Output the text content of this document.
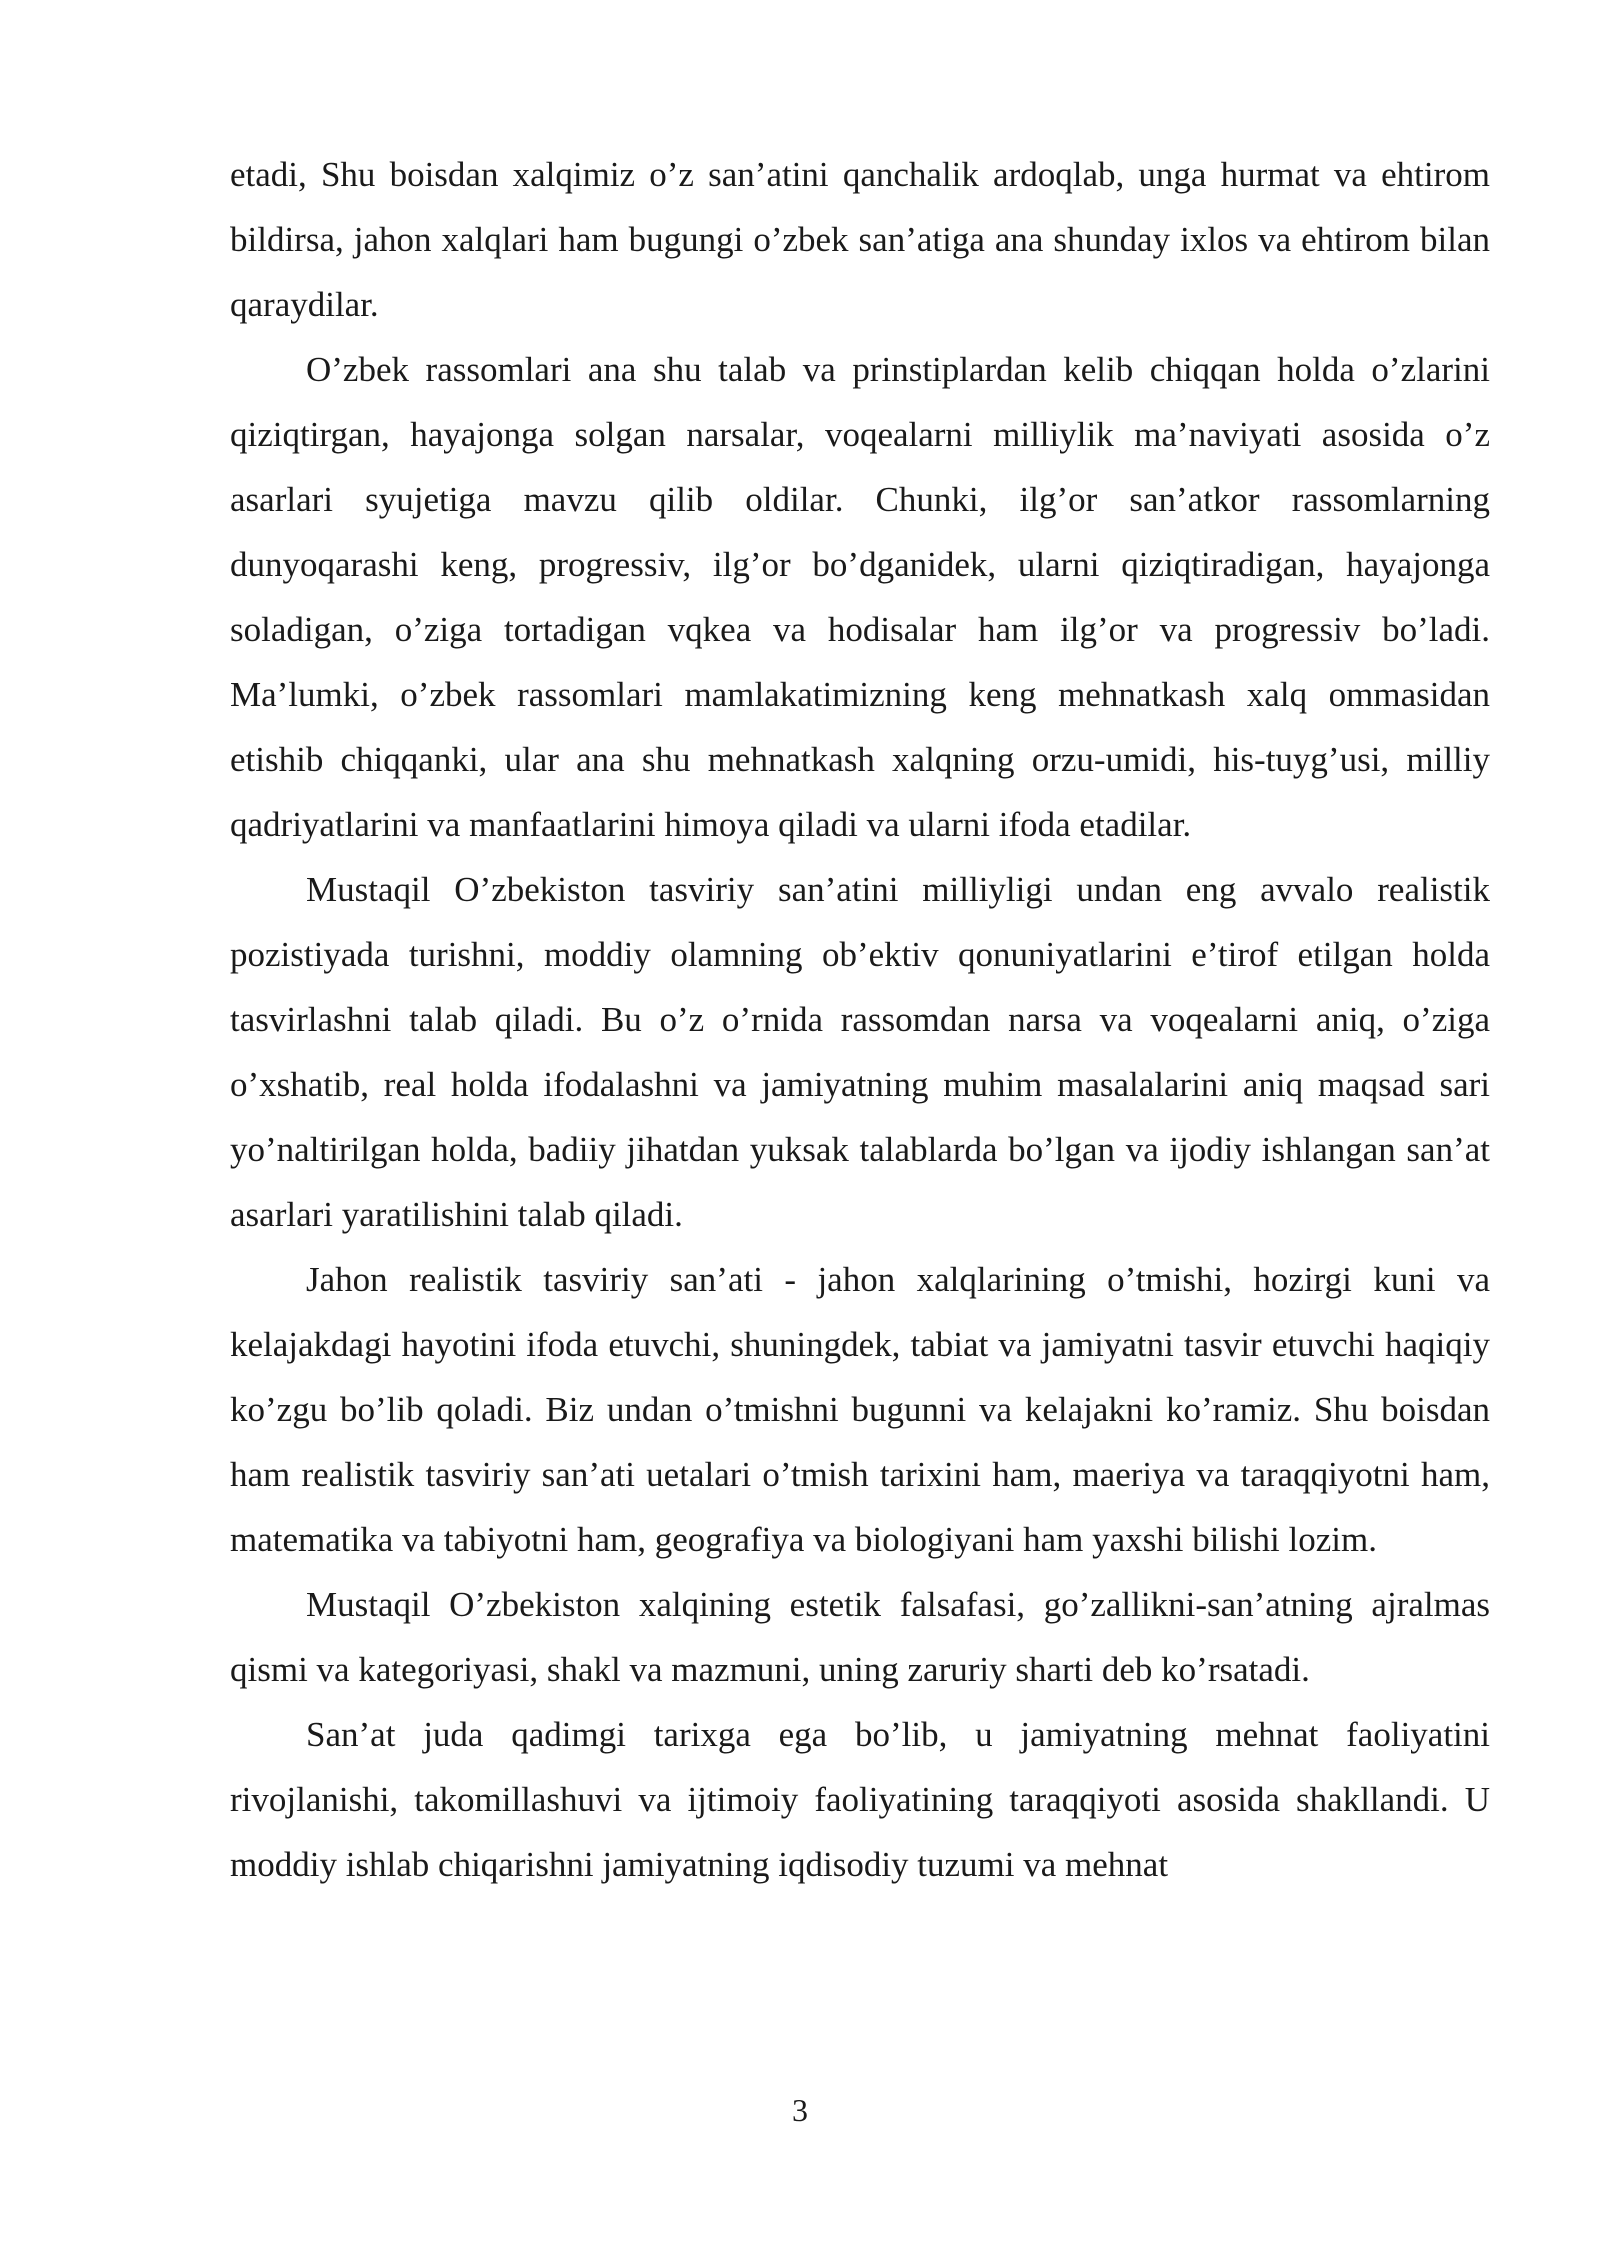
etadi, Shu boisdan xalqimiz o’z san’atini qanchalik ardoqlab, unga hurmat va ehtirom bildirsa, jahon xalqlari ham bugungi o’zbek san’atiga ana shunday ixlos va ehtirom bilan qaraydilar.

O’zbek rassomlari ana shu talab va prinstiplardan kelib chiqqan holda o’zlarini qiziqtirgan, hayajonga solgan narsalar, voqealarni milliylik ma’naviyati asosida o’z asarlari syujetiga mavzu qilib oldilar. Chunki, ilg’or san’atkor rassomlarning dunyoqarashi keng, progressiv, ilg’or bo’dganidek, ularni qiziqtiradigan, hayajonga soladigan, o’ziga tortadigan vqkea va hodisalar ham ilg’or va progressiv bo’ladi. Ma’lumki, o’zbek rassomlari mamlakatimizning keng mehnatkash xalq ommasidan etishib chiqqanki, ular ana shu mehnatkash xalqning orzu-umidi, his-tuyg’usi, milliy qadriyatlarini va manfaatlarini himoya qiladi va ularni ifoda etadilar.

Mustaqil O’zbekiston tasviriy san’atini milliyligi undan eng avvalo realistik pozistiyada turishni, moddiy olamning ob’ektiv qonuniyatlarini e’tirof etilgan holda tasvirlashni talab qiladi. Bu o’z o’rnida rassomdan narsa va voqealarni aniq, o’ziga o’xshatib, real holda ifodalashni va jamiyatning muhim masalalarini aniq maqsad sari yo’naltirilgan holda, badiiy jihatdan yuksak talablarda bo’lgan va ijodiy ishlangan san’at asarlari yaratilishini talab qiladi.

Jahon realistik tasviriy san’ati - jahon xalqlarining o’tmishi, hozirgi kuni va kelajakdagi hayotini ifoda etuvchi, shuningdek, tabiat va jamiyatni tasvir etuvchi haqiqiy ko’zgu bo’lib qoladi. Biz undan o’tmishni bugunni va kelajakni ko’ramiz. Shu boisdan ham realistik tasviriy san’ati uetalari o’tmish tarixini ham, maeriya va taraqqiyotni ham, matematika va tabiyotni ham, geografiya va biologiyani ham yaxshi bilishi lozim.

Mustaqil O’zbekiston xalqining estetik falsafasi, go’zallikni-san’atning ajralmas qismi va kategoriyasi, shakl va mazmuni, uning zaruriy sharti deb ko’rsatadi.

San’at juda qadimgi tarixga ega bo’lib, u jamiyatning mehnat faoliyatini rivojlanishi, takomillashuvi va ijtimoiy faoliyatining taraqqiyoti asosida shakllandi. U moddiy ishlab chiqarishni jamiyatning iqdisodiy tuzumi va mehnat

3
